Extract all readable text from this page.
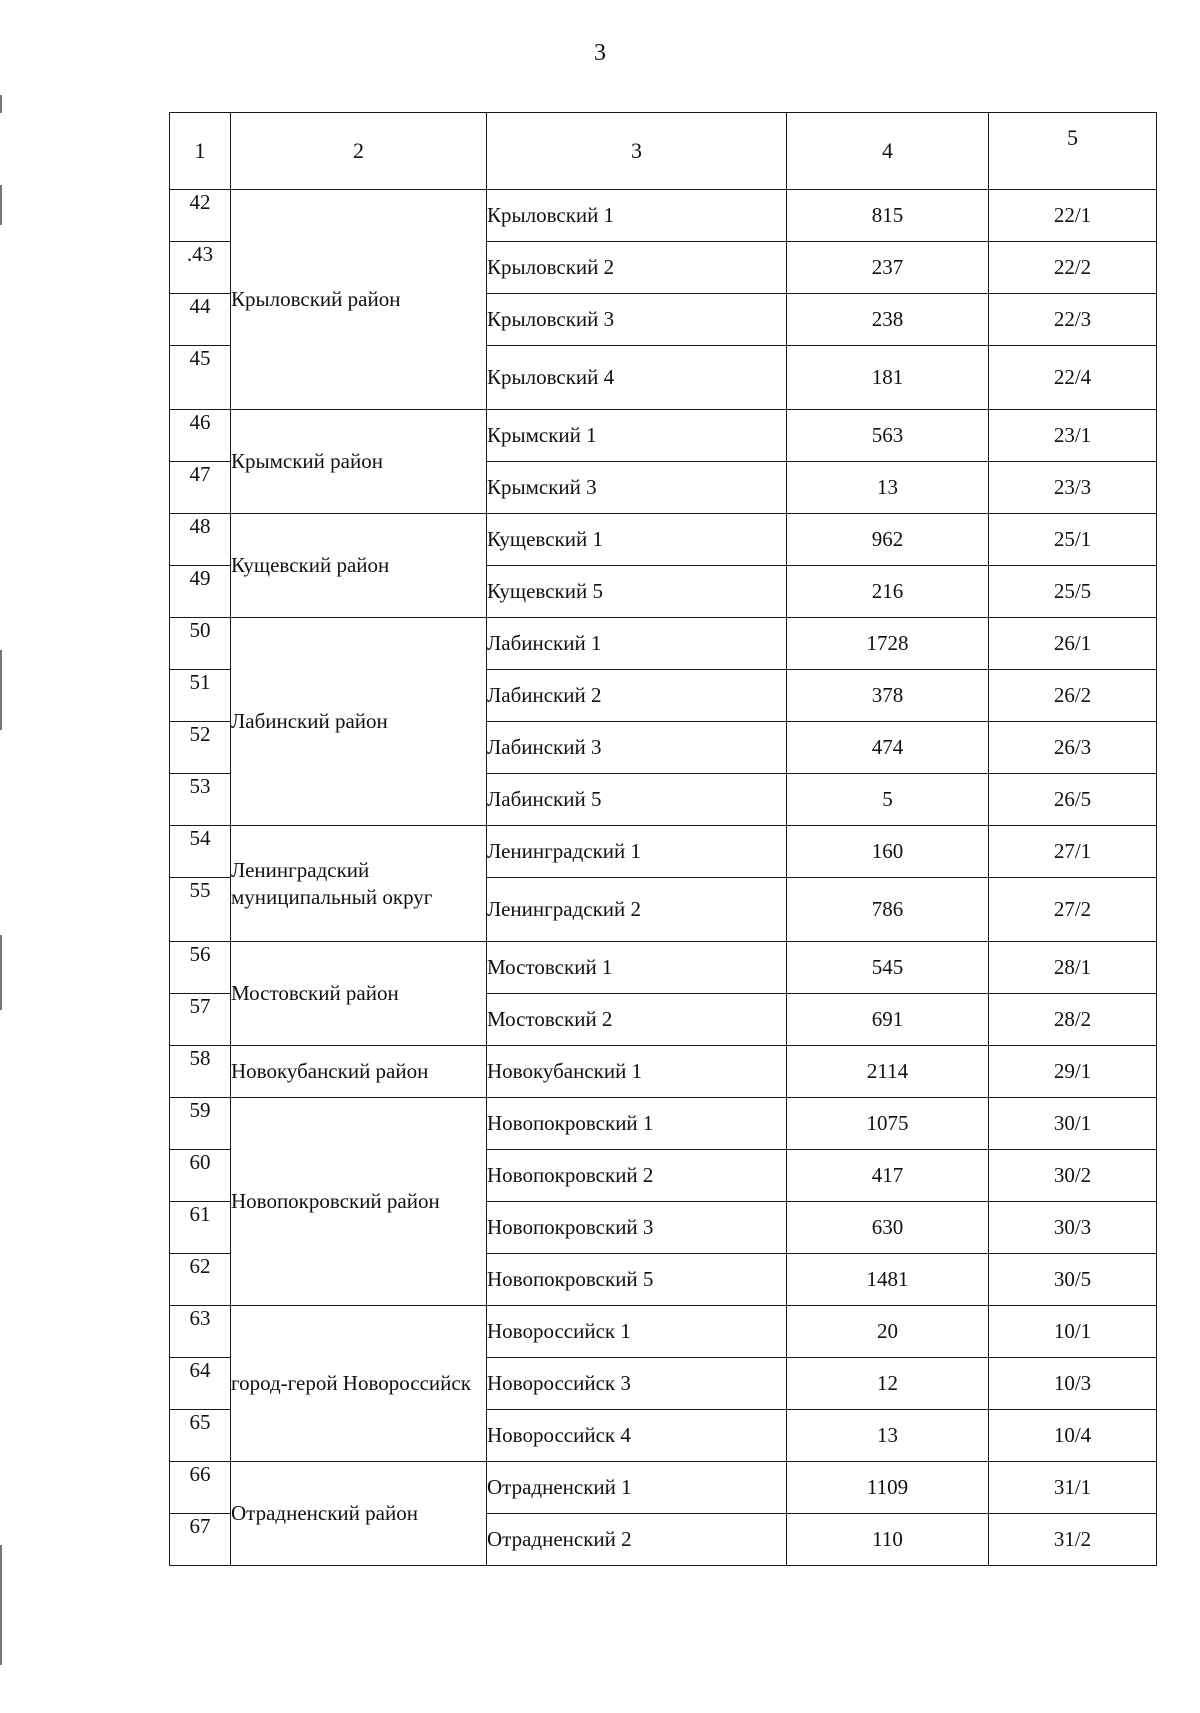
3
1	2	3	4	5
42	Крыловский район	Крыловский 1	815	22/1
.43		Крыловский 2	237	22/2
44		Крыловский 3	238	22/3
45		Крыловский 4	181	22/4
46	Крымский район	Крымский 1	563	23/1
47		Крымский 3	13	23/3
48	Кущевский район	Кущевский 1	962	25/1
49		Кущевский 5	216	25/5
50	Лабинский район	Лабинский 1	1728	26/1
51		Лабинский 2	378	26/2
52		Лабинский 3	474	26/3
53		Лабинский 5	5	26/5
54	Ленинградский муниципальный округ	Ленинградский 1	160	27/1
55		Ленинградский 2	786	27/2
56	Мостовский район	Мостовский 1	545	28/1
57		Мостовский 2	691	28/2
58	Новокубанский район	Новокубанский 1	2114	29/1
59	Новопокровский район	Новопокровский 1	1075	30/1
60		Новопокровский 2	417	30/2
61		Новопокровский 3	630	30/3
62		Новопокровский 5	1481	30/5
63	город-герой Новороссийск	Новороссийск 1	20	10/1
64		Новороссийск 3	12	10/3
65		Новороссийск 4	13	10/4
66	Отрадненский район	Отрадненский 1	1109	31/1
67		Отрадненский 2	110	31/2
